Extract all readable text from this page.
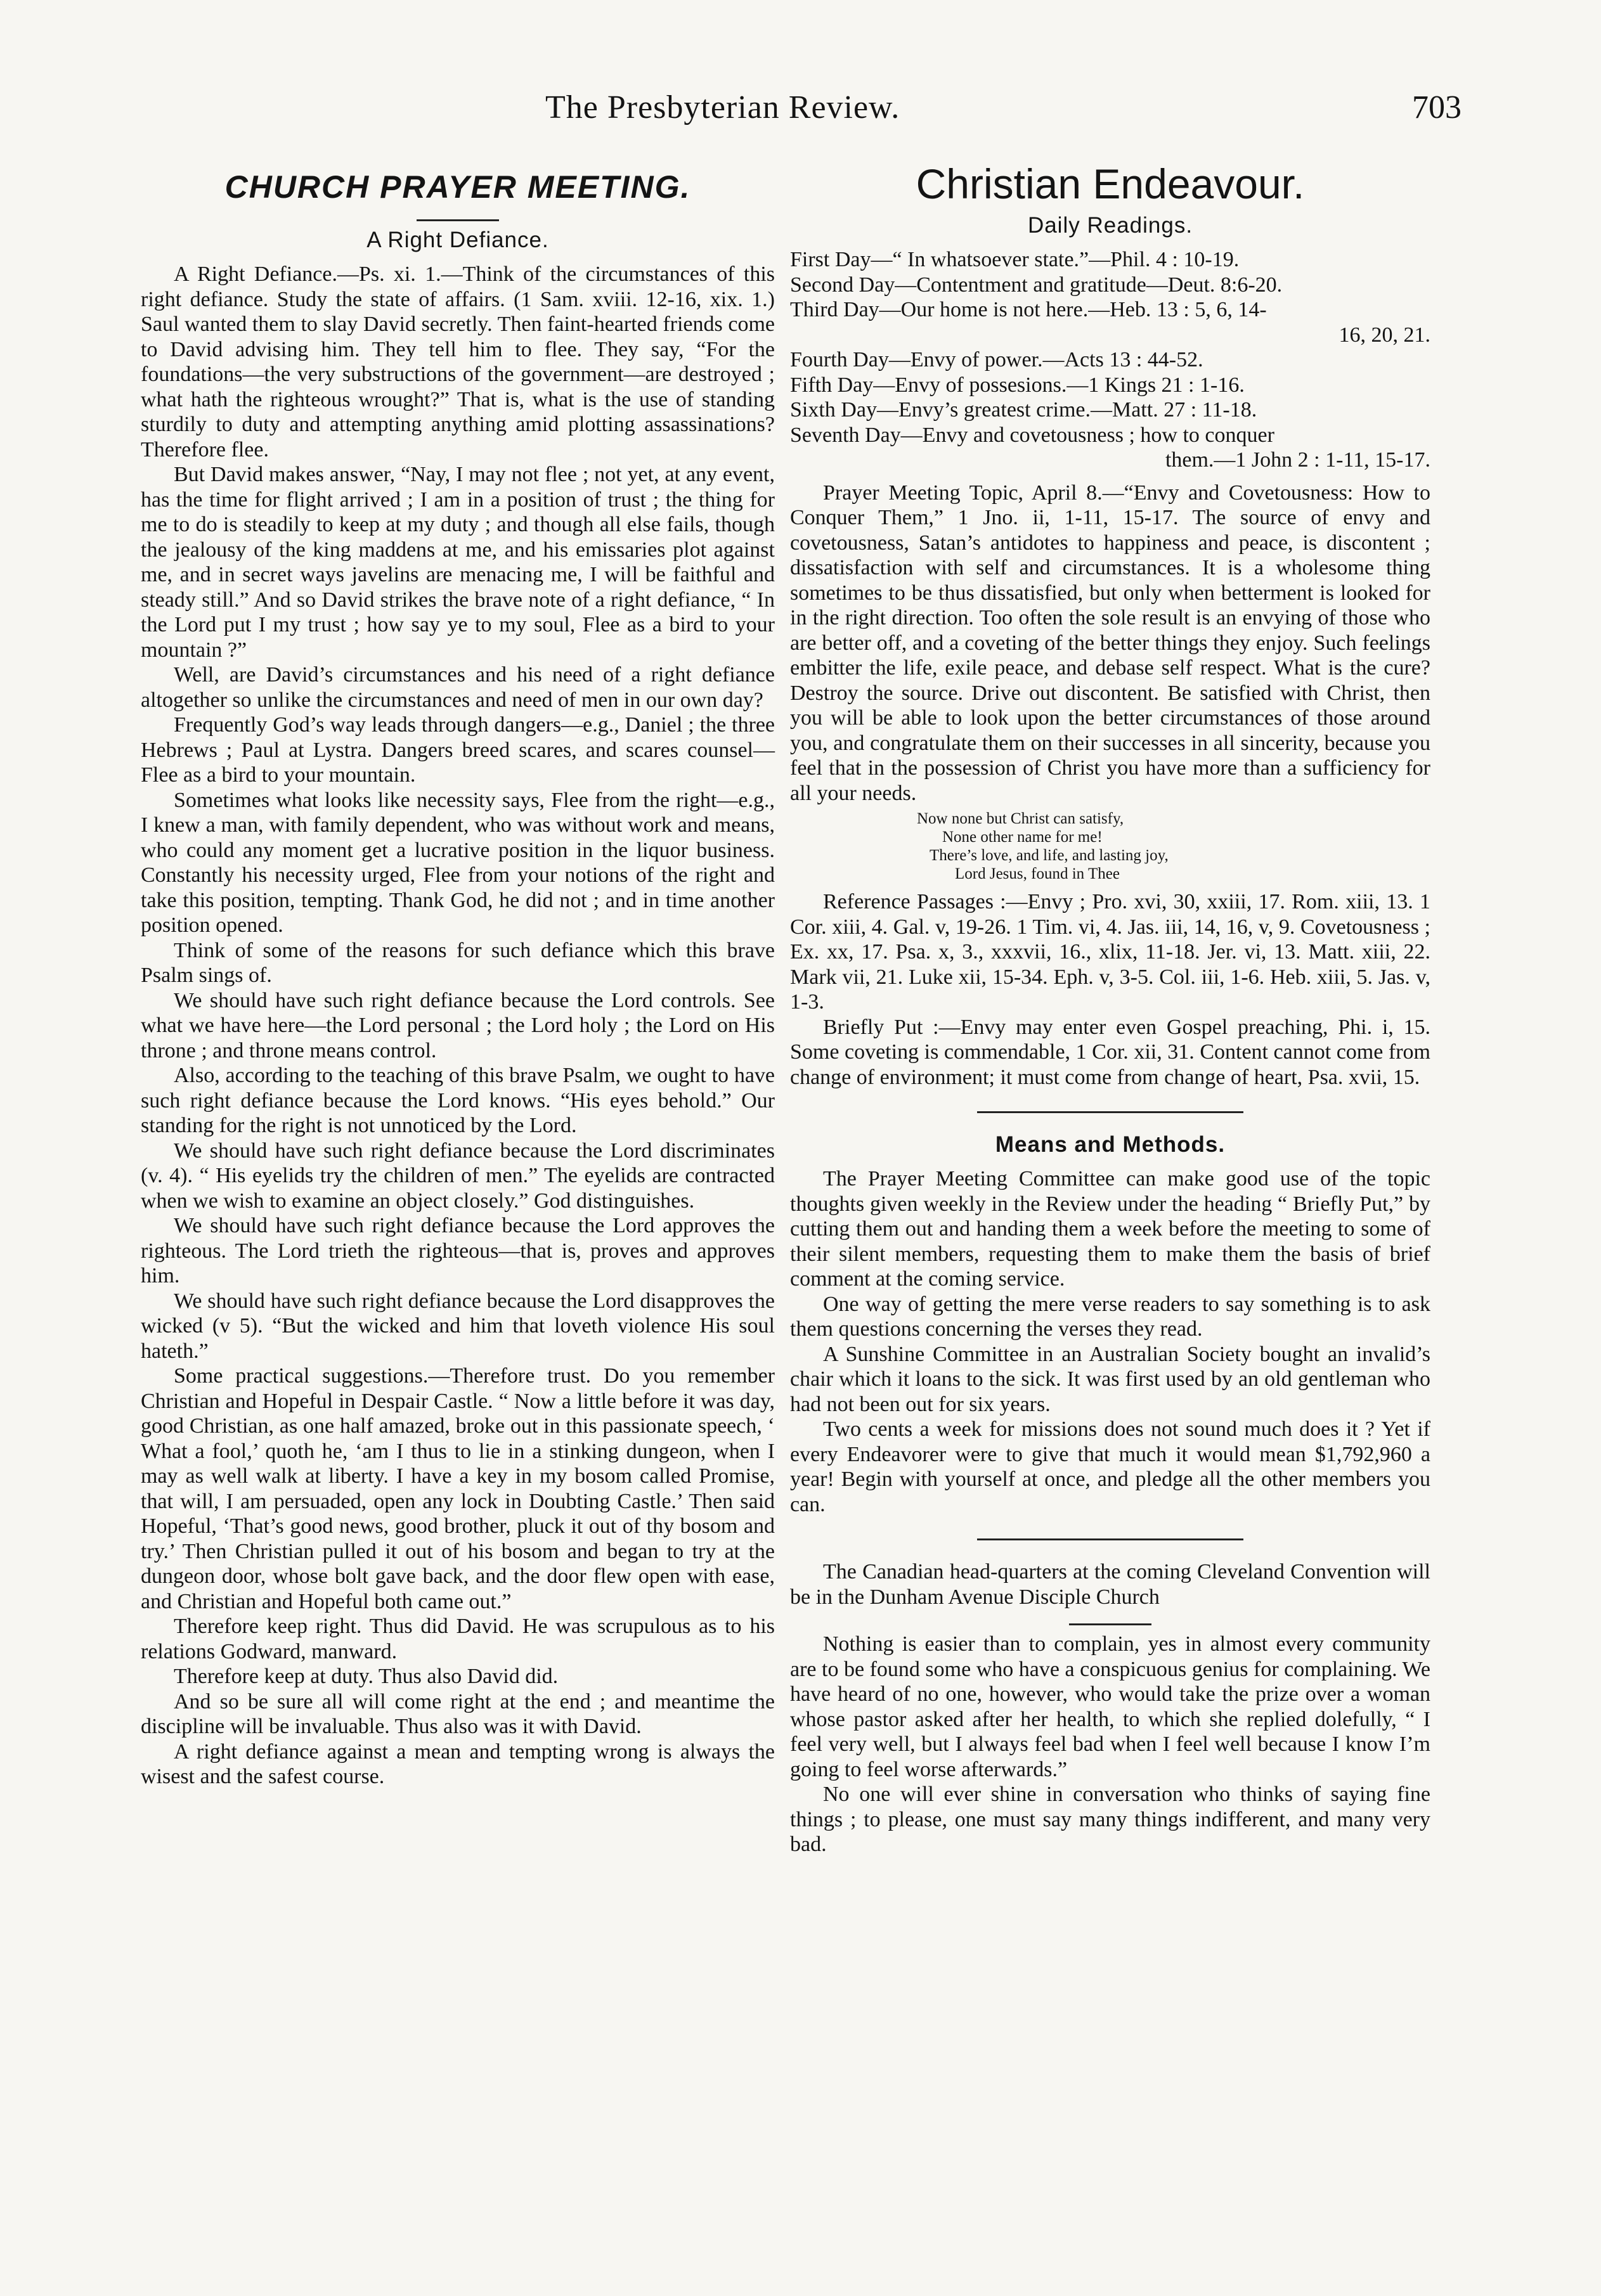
The Presbyterian Review.	703
CHURCH PRAYER MEETING.
A Right Defiance.

A Right Defiance.—Ps. xi. 1.—Think of the circumstances of this right defiance. Study the state of affairs. (1 Sam. xviii. 12-16, xix. 1.) Saul wanted them to slay David secretly. Then faint-hearted friends come to David advising him. They tell him to flee. They say, “For the foundations—the very substructions of the government—are destroyed ; what hath the righteous wrought?” That is, what is the use of standing sturdily to duty and attempting anything amid plotting assassinations? Therefore flee.

But David makes answer, “Nay, I may not flee ; not yet, at any event, has the time for flight arrived ; I am in a position of trust ; the thing for me to do is steadily to keep at my duty ; and though all else fails, though the jealousy of the king maddens at me, and his emissaries plot against me, and in secret ways javelins are menacing me, I will be faithful and steady still.” And so David strikes the brave note of a right defiance, “ In the Lord put I my trust ; how say ye to my soul, Flee as a bird to your mountain ?”

Well, are David’s circumstances and his need of a right defiance altogether so unlike the circumstances and need of men in our own day?

Frequently God’s way leads through dangers—e.g., Daniel ; the three Hebrews ; Paul at Lystra. Dangers breed scares, and scares counsel—Flee as a bird to your mountain.

Sometimes what looks like necessity says, Flee from the right—e.g., I knew a man, with family dependent, who was without work and means, who could any moment get a lucrative position in the liquor business. Constantly his necessity urged, Flee from your notions of the right and take this position, tempting. Thank God, he did not ; and in time another position opened.

Think of some of the reasons for such defiance which this brave Psalm sings of.

We should have such right defiance because the Lord controls. See what we have here—the Lord personal ; the Lord holy ; the Lord on His throne ; and throne means control.

Also, according to the teaching of this brave Psalm, we ought to have such right defiance because the Lord knows. “His eyes behold.” Our standing for the right is not unnoticed by the Lord.

We should have such right defiance because the Lord discriminates (v. 4). “ His eyelids try the children of men.” The eyelids are contracted when we wish to examine an object closely.” God distinguishes.

We should have such right defiance because the Lord approves the righteous. The Lord trieth the righteous—that is, proves and approves him.

We should have such right defiance because the Lord disapproves the wicked (v 5). “But the wicked and him that loveth violence His soul hateth.”

Some practical suggestions.—Therefore trust. Do you remember Christian and Hopeful in Despair Castle. “ Now a little before it was day, good Christian, as one half amazed, broke out in this passionate speech, ‘ What a fool,’ quoth he, ‘am I thus to lie in a stinking dungeon, when I may as well walk at liberty. I have a key in my bosom called Promise, that will, I am persuaded, open any lock in Doubting Castle.’ Then said Hopeful, ‘That’s good news, good brother, pluck it out of thy bosom and try.’ Then Christian pulled it out of his bosom and began to try at the dungeon door, whose bolt gave back, and the door flew open with ease, and Christian and Hopeful both came out.”

Therefore keep right. Thus did David. He was scrupulous as to his relations Godward, manward.

Therefore keep at duty. Thus also David did.

And so be sure all will come right at the end ; and meantime the discipline will be invaluable. Thus also was it with David.

A right defiance against a mean and tempting wrong is always the wisest and the safest course.

Christian Endeavour.
Daily Readings.
First Day—“ In whatsoever state.”—Phil. 4 : 10-19.
Second Day—Contentment and gratitude—Deut. 8:6-20.
Third Day—Our home is not here.—Heb. 13 : 5, 6, 14-
16, 20, 21.
Fourth Day—Envy of power.—Acts 13 : 44-52.
Fifth Day—Envy of possesions.—1 Kings 21 : 1-16.
Sixth Day—Envy’s greatest crime.—Matt. 27 : 11-18.
Seventh Day—Envy and covetousness ; how to conquer
them.—1 John 2 : 1-11, 15-17.

Prayer Meeting Topic, April 8.—“Envy and Covetousness: How to Conquer Them,” 1 Jno. ii, 1-11, 15-17. The source of envy and covetousness, Satan’s antidotes to happiness and peace, is discontent ; dissatisfaction with self and circumstances. It is a wholesome thing sometimes to be thus dissatisfied, but only when betterment is looked for in the right direction. Too often the sole result is an envying of those who are better off, and a coveting of the better things they enjoy. Such feelings embitter the life, exile peace, and debase self respect. What is the cure? Destroy the source. Drive out discontent. Be satisfied with Christ, then you will be able to look upon the better circumstances of those around you, and congratulate them on their successes in all sincerity, because you feel that in the possession of Christ you have more than a sufficiency for all your needs.

Now none but Christ can satisfy,
None other name for me!
There’s love, and life, and lasting joy,
Lord Jesus, found in Thee

Reference Passages :—Envy ; Pro. xvi, 30, xxiii, 17. Rom. xiii, 13. 1 Cor. xiii, 4. Gal. v, 19-26. 1 Tim. vi, 4. Jas. iii, 14, 16, v, 9. Covetousness ; Ex. xx, 17. Psa. x, 3., xxxvii, 16., xlix, 11-18. Jer. vi, 13. Matt. xiii, 22. Mark vii, 21. Luke xii, 15-34. Eph. v, 3-5. Col. iii, 1-6. Heb. xiii, 5. Jas. v, 1-3.

Briefly Put :—Envy may enter even Gospel preaching, Phi. i, 15. Some coveting is commendable, 1 Cor. xii, 31. Content cannot come from change of environment; it must come from change of heart, Psa. xvii, 15.

Means and Methods.

The Prayer Meeting Committee can make good use of the topic thoughts given weekly in the Review under the heading “ Briefly Put,” by cutting them out and handing them a week before the meeting to some of their silent members, requesting them to make them the basis of brief comment at the coming service.

One way of getting the mere verse readers to say something is to ask them questions concerning the verses they read.

A Sunshine Committee in an Australian Society bought an invalid’s chair which it loans to the sick. It was first used by an old gentleman who had not been out for six years.

Two cents a week for missions does not sound much does it ? Yet if every Endeavorer were to give that much it would mean $1,792,960 a year! Begin with yourself at once, and pledge all the other members you can.

The Canadian head-quarters at the coming Cleveland Convention will be in the Dunham Avenue Disciple Church

Nothing is easier than to complain, yes in almost every community are to be found some who have a conspicuous genius for complaining. We have heard of no one, however, who would take the prize over a woman whose pastor asked after her health, to which she replied dolefully, “ I feel very well, but I always feel bad when I feel well because I know I’m going to feel worse afterwards.”

No one will ever shine in conversation who thinks of saying fine things ; to please, one must say many things indifferent, and many very bad.
